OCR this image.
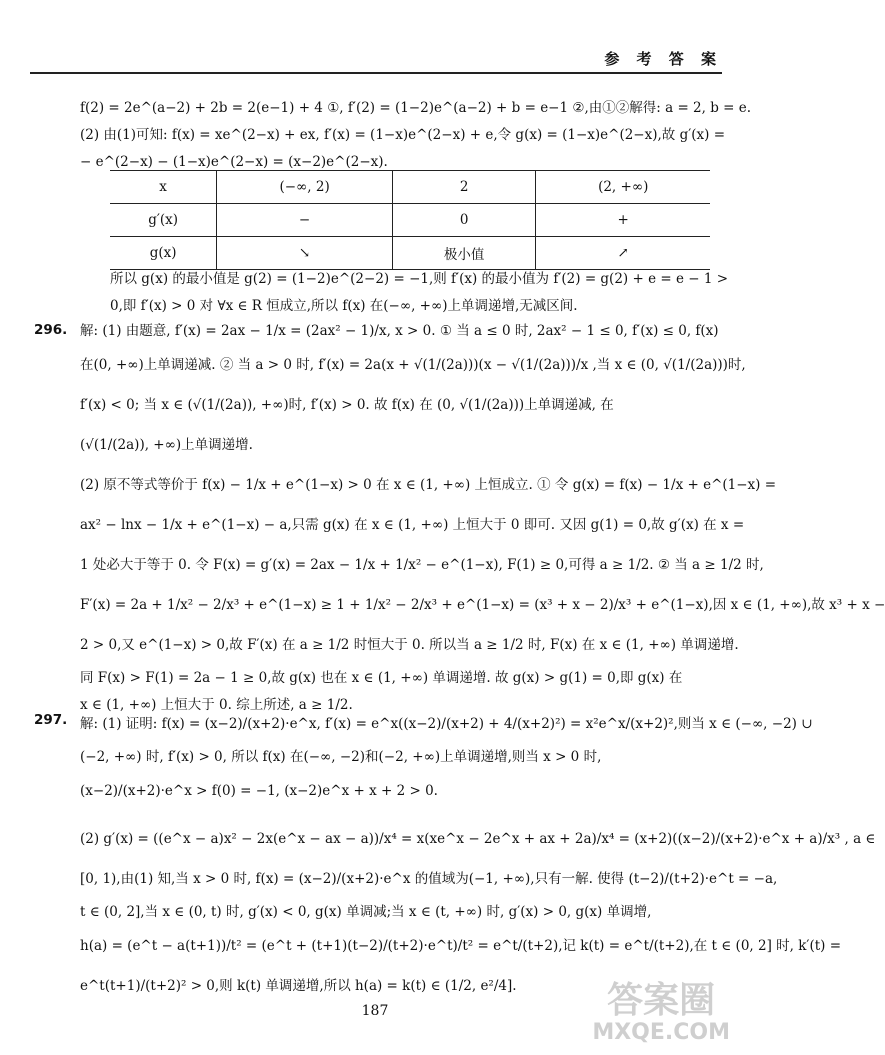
参 考 答 案
f(2) = 2e^(a−2) + 2b = 2(e−1) + 4 ①, f′(2) = (1−2)e^(a−2) + b = e−1 ②,由①②解得: a = 2, b = e.
(2) 由(1)可知: f(x) = xe^(2−x) + ex, f′(x) = (1−x)e^(2−x) + e,令 g(x) = (1−x)e^(2−x),故 g′(x) =
− e^(2−x) − (1−x)e^(2−x) = (x−2)e^(2−x).
x	(−∞, 2)	2	(2, +∞)
g′(x)	−	0	+
g(x)	↘	极小值	↗
所以 g(x) 的最小值是 g(2) = (1−2)e^(2−2) = −1,则 f′(x) 的最小值为 f′(2) = g(2) + e = e − 1 >
0,即 f′(x) > 0 对 ∀x ∈ R 恒成立,所以 f(x) 在(−∞, +∞)上单调递增,无减区间.
296. 解: (1) 由题意, f′(x) = 2ax − 1/x = (2ax² − 1)/x, x > 0. ① 当 a ≤ 0 时, 2ax² − 1 ≤ 0, f′(x) ≤ 0, f(x)
在(0, +∞)上单调递减. ② 当 a > 0 时, f′(x) = 2a(x + √(1/(2a)))(x − √(1/(2a)))/x ,当 x ∈ (0, √(1/(2a)))时,
f′(x) < 0; 当 x ∈ (√(1/(2a)), +∞)时, f′(x) > 0. 故 f(x) 在 (0, √(1/(2a)))上单调递减, 在
(√(1/(2a)), +∞)上单调递增.
(2) 原不等式等价于 f(x) − 1/x + e^(1−x) > 0 在 x ∈ (1, +∞) 上恒成立. ① 令 g(x) = f(x) − 1/x + e^(1−x) =
ax² − lnx − 1/x + e^(1−x) − a,只需 g(x) 在 x ∈ (1, +∞) 上恒大于 0 即可. 又因 g(1) = 0,故 g′(x) 在 x =
1 处必大于等于 0. 令 F(x) = g′(x) = 2ax − 1/x + 1/x² − e^(1−x), F(1) ≥ 0,可得 a ≥ 1/2. ② 当 a ≥ 1/2 时,
F′(x) = 2a + 1/x² − 2/x³ + e^(1−x) ≥ 1 + 1/x² − 2/x³ + e^(1−x) = (x³ + x − 2)/x³ + e^(1−x),因 x ∈ (1, +∞),故 x³ + x −
2 > 0,又 e^(1−x) > 0,故 F′(x) 在 a ≥ 1/2 时恒大于 0. 所以当 a ≥ 1/2 时, F(x) 在 x ∈ (1, +∞) 单调递增.
同 F(x) > F(1) = 2a − 1 ≥ 0,故 g(x) 也在 x ∈ (1, +∞) 单调递增. 故 g(x) > g(1) = 0,即 g(x) 在
x ∈ (1, +∞) 上恒大于 0. 综上所述, a ≥ 1/2.
297. 解: (1) 证明: f(x) = (x−2)/(x+2)·e^x, f′(x) = e^x((x−2)/(x+2) + 4/(x+2)²) = x²e^x/(x+2)²,则当 x ∈ (−∞, −2) ∪
(−2, +∞) 时, f′(x) > 0, 所以 f(x) 在(−∞, −2)和(−2, +∞)上单调递增,则当 x > 0 时,
(x−2)/(x+2)·e^x > f(0) = −1, (x−2)e^x + x + 2 > 0.
(2) g′(x) = ((e^x − a)x² − 2x(e^x − ax − a))/x⁴ = x(xe^x − 2e^x + ax + 2a)/x⁴ = (x+2)((x−2)/(x+2)·e^x + a)/x³ , a ∈
[0, 1),由(1) 知,当 x > 0 时, f(x) = (x−2)/(x+2)·e^x 的值域为(−1, +∞),只有一解. 使得 (t−2)/(t+2)·e^t = −a,
t ∈ (0, 2],当 x ∈ (0, t) 时, g′(x) < 0, g(x) 单调减;当 x ∈ (t, +∞) 时, g′(x) > 0, g(x) 单调增,
h(a) = (e^t − a(t+1))/t² = (e^t + (t+1)(t−2)/(t+2)·e^t)/t² = e^t/(t+2),记 k(t) = e^t/(t+2),在 t ∈ (0, 2] 时, k′(t) =
e^t(t+1)/(t+2)² > 0,则 k(t) 单调递增,所以 h(a) = k(t) ∈ (1/2, e²/4].
187	答案圈
MXQE.COM
